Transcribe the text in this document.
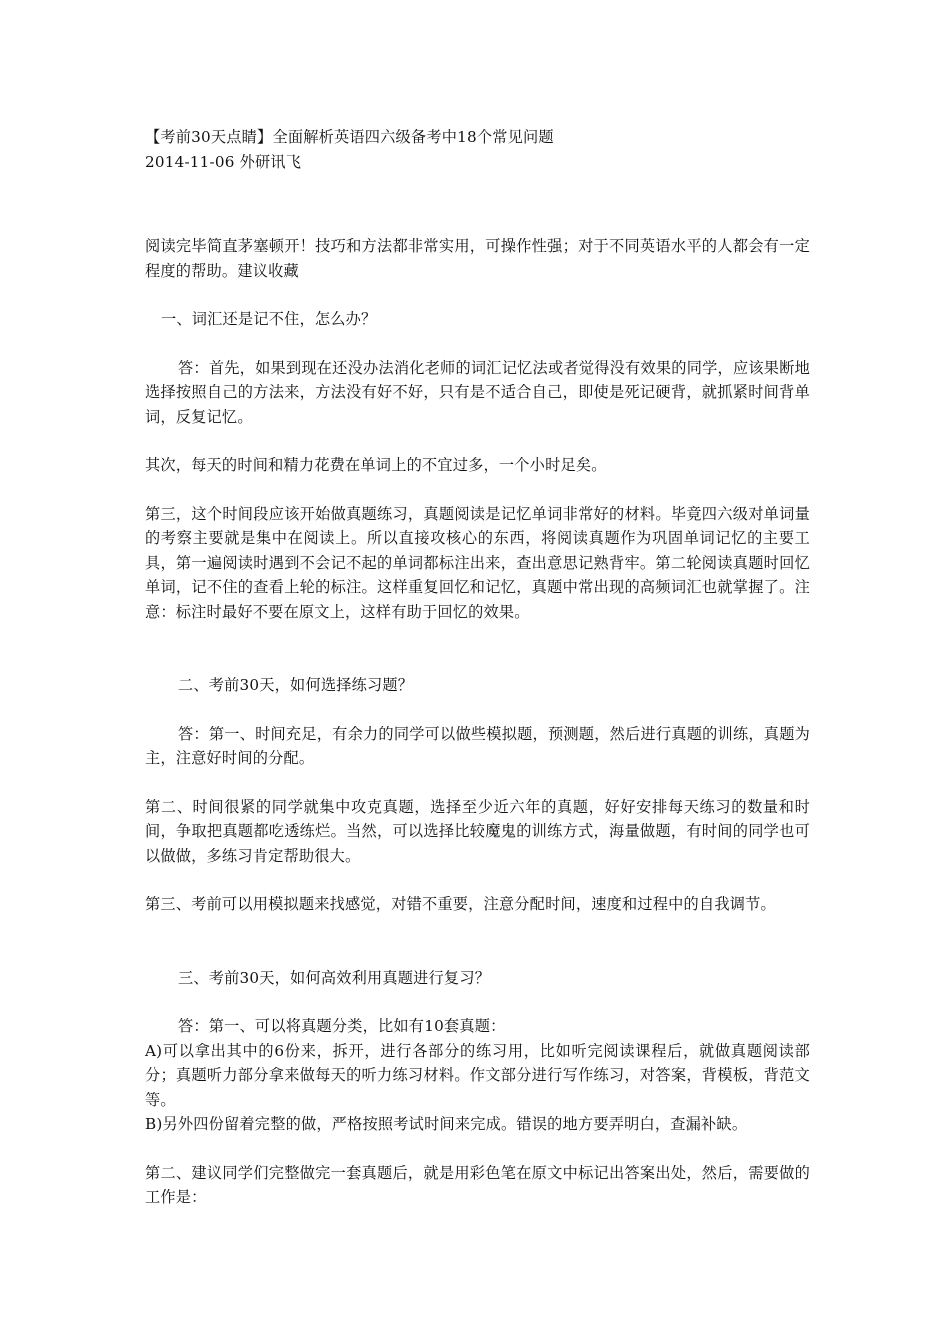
【考前30天点睛】全面解析英语四六级备考中18个常见问题

2014-11-06 外研讯飞

阅读完毕简直茅塞顿开！技巧和方法都非常实用，可操作性强；对于不同英语水平的人都会有一定程度的帮助。建议收藏

一、词汇还是记不住，怎么办？

答：首先，如果到现在还没办法消化老师的词汇记忆法或者觉得没有效果的同学，应该果断地选择按照自己的方法来，方法没有好不好，只有是不适合自己，即使是死记硬背，就抓紧时间背单词，反复记忆。

其次，每天的时间和精力花费在单词上的不宜过多，一个小时足矣。

第三，这个时间段应该开始做真题练习，真题阅读是记忆单词非常好的材料。毕竟四六级对单词量的考察主要就是集中在阅读上。所以直接攻核心的东西，将阅读真题作为巩固单词记忆的主要工具，第一遍阅读时遇到不会记不起的单词都标注出来，查出意思记熟背牢。第二轮阅读真题时回忆单词，记不住的查看上轮的标注。这样重复回忆和记忆，真题中常出现的高频词汇也就掌握了。注意：标注时最好不要在原文上，这样有助于回忆的效果。

二、考前30天，如何选择练习题？

答：第一、时间充足，有余力的同学可以做些模拟题，预测题，然后进行真题的训练，真题为主，注意好时间的分配。

第二、时间很紧的同学就集中攻克真题，选择至少近六年的真题，好好安排每天练习的数量和时间，争取把真题都吃透练烂。当然，可以选择比较魔鬼的训练方式，海量做题，有时间的同学也可以做做，多练习肯定帮助很大。

第三、考前可以用模拟题来找感觉，对错不重要，注意分配时间，速度和过程中的自我调节。

三、考前30天，如何高效利用真题进行复习？

答：第一、可以将真题分类，比如有10套真题：

A)可以拿出其中的6份来，拆开，进行各部分的练习用，比如听完阅读课程后，就做真题阅读部分；真题听力部分拿来做每天的听力练习材料。作文部分进行写作练习，对答案，背模板，背范文等。

B)另外四份留着完整的做，严格按照考试时间来完成。错误的地方要弄明白，查漏补缺。

第二、建议同学们完整做完一套真题后，就是用彩色笔在原文中标记出答案出处，然后，需要做的工作是：
